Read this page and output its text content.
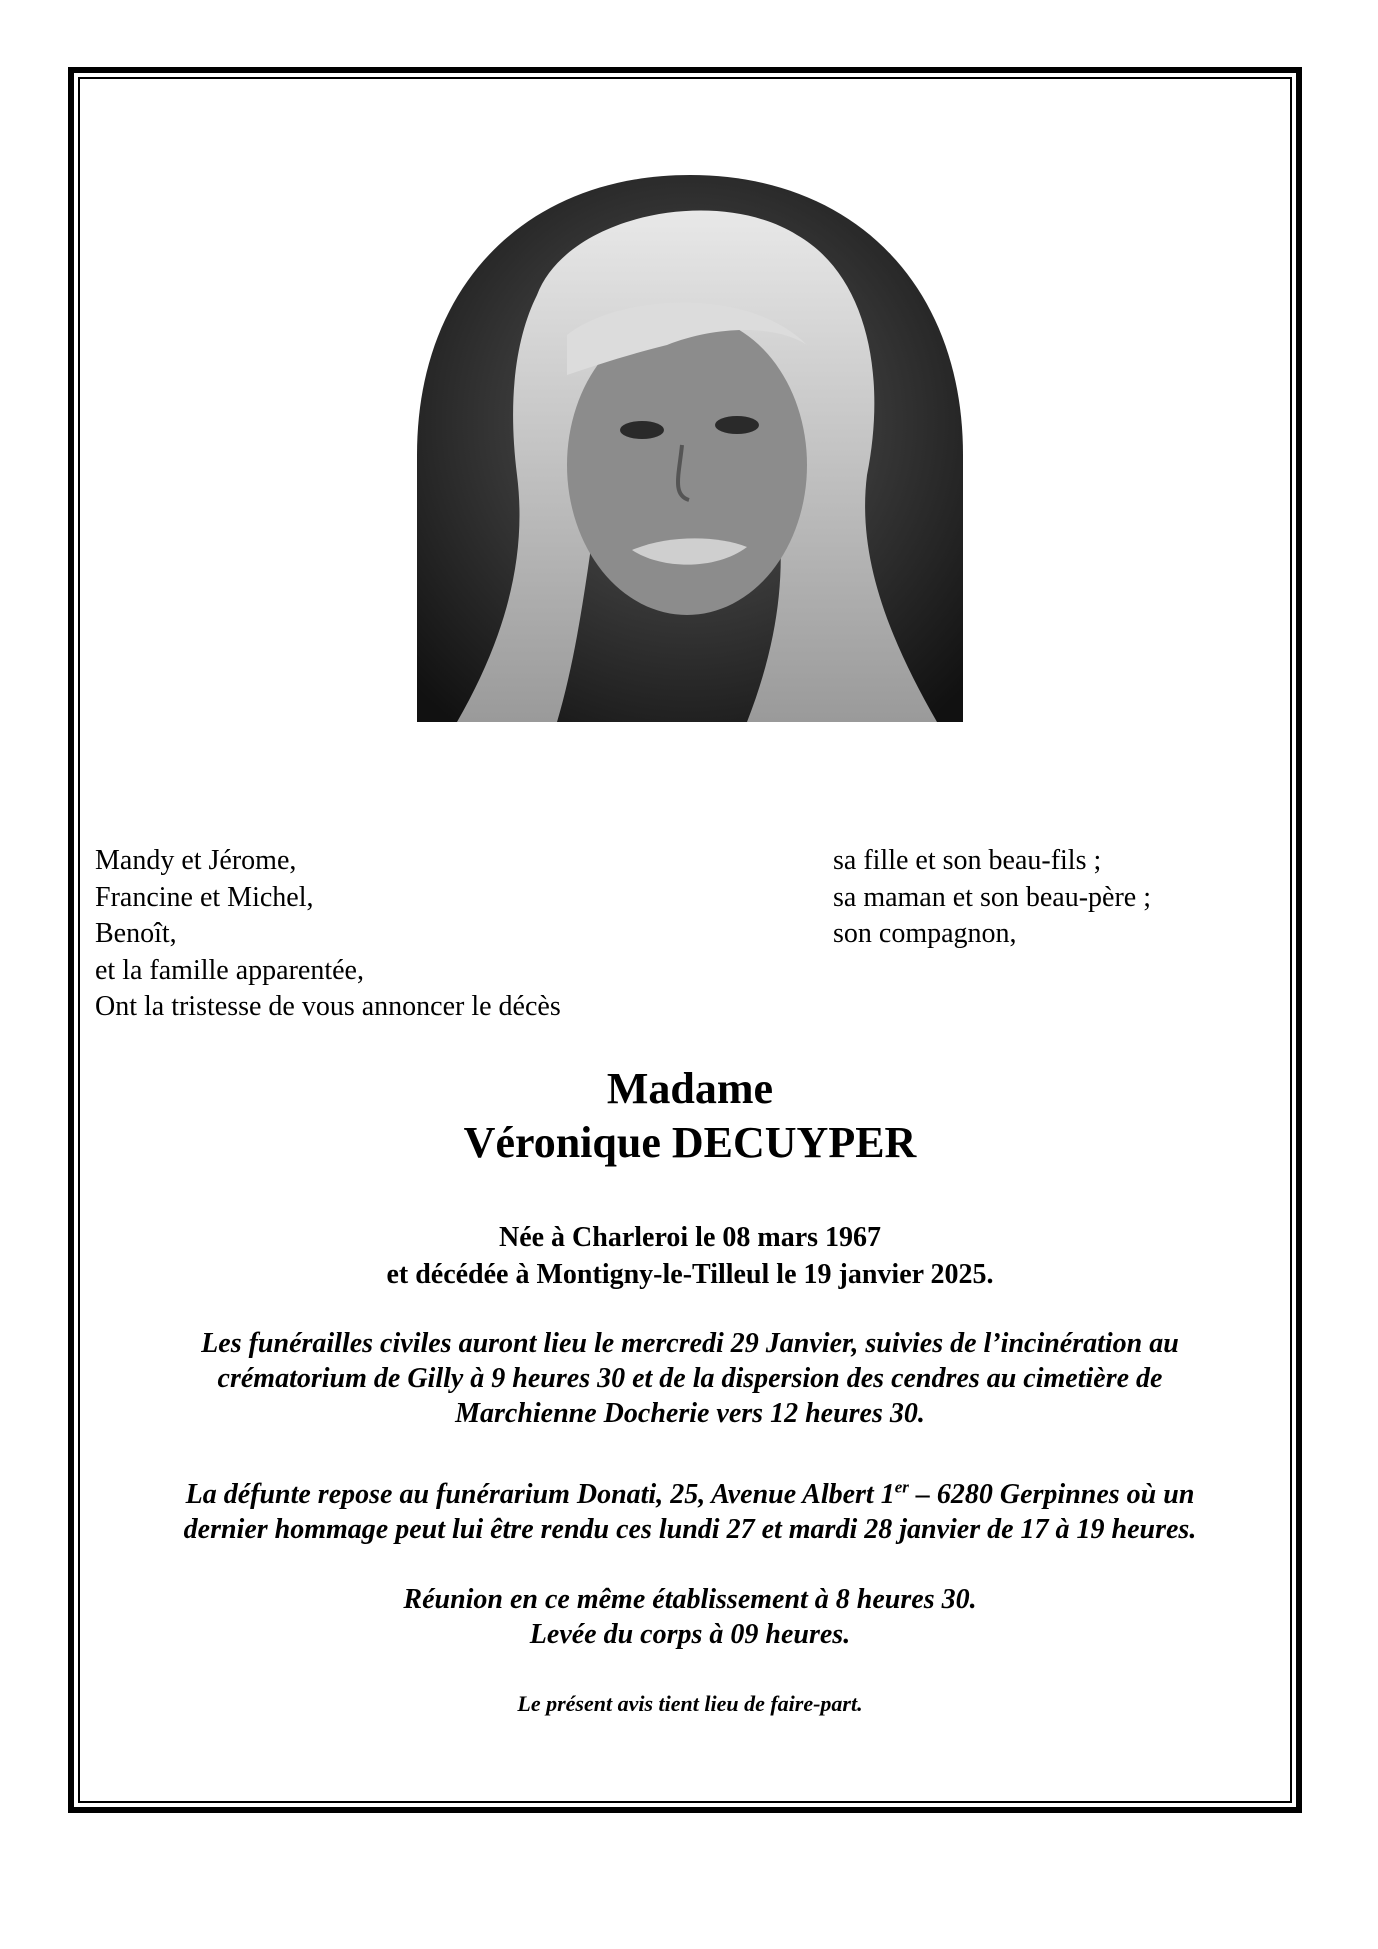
Mandy et Jérome,	sa fille et son beau-fils ;
Francine et Michel,	sa maman et son beau-père ;
Benoît,	son compagnon,
et la famille apparentée,
Ont la tristesse de vous annoncer le décès
Madame
Véronique DECUYPER
Née à Charleroi le 08 mars 1967
et décédée à Montigny-le-Tilleul le 19 janvier 2025.
Les funérailles civiles auront lieu le mercredi 29 Janvier, suivies de l’incinération au
crématorium de Gilly à 9 heures 30 et de la dispersion des cendres au cimetière de
Marchienne Docherie vers 12 heures 30.
La défunte repose au funérarium Donati, 25, Avenue Albert 1er – 6280 Gerpinnes où un
dernier hommage peut lui être rendu ces lundi 27 et mardi 28 janvier de 17 à 19 heures.
Réunion en ce même établissement à 8 heures 30.
Levée du corps à 09 heures.
Le présent avis tient lieu de faire-part.
